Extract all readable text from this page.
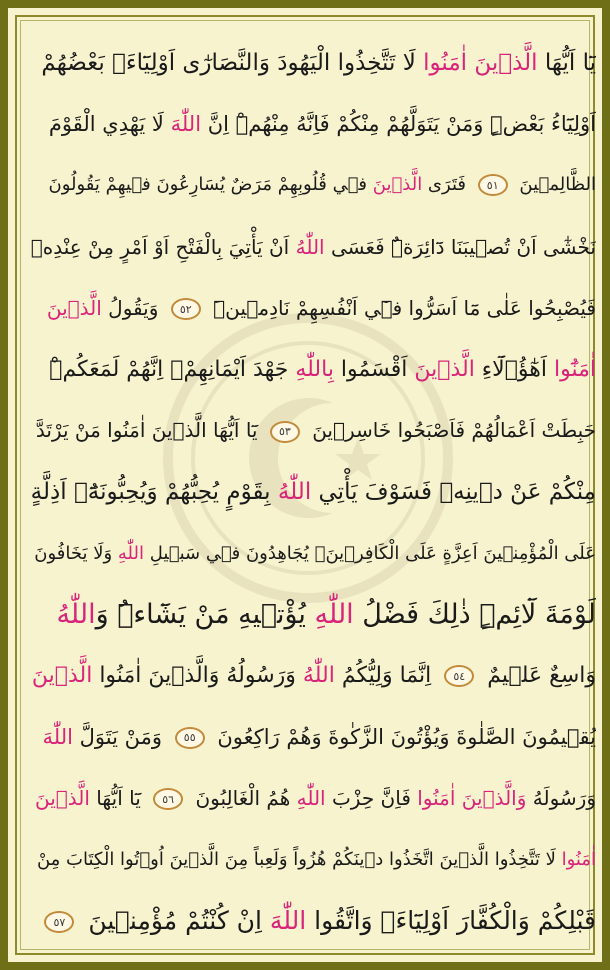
يَٓا اَيُّهَا الَّذ۪ينَ اٰمَنُوا لَا تَتَّخِذُوا الْيَهُودَ وَالنَّصَارٰٓى اَوْلِيَٓاءَۢ بَعْضُهُمْ
اَوْلِيَٓاءُ بَعْضٍۜ وَمَنْ يَتَوَلَّهُمْ مِنْكُمْ فَاِنَّهُ مِنْهُمْۜ اِنَّ اللّٰهَ لَا يَهْدِي الْقَوْمَ
الظَّالِم۪ينَ ٥١ فَتَرَى الَّذ۪ينَ ف۪ي قُلُوبِهِمْ مَرَضٌ يُسَارِعُونَ ف۪يهِمْ يَقُولُونَ
نَخْشٰٓى اَنْ تُص۪يبَنَا دَٓائِرَةٌۜ فَعَسَى اللّٰهُ اَنْ يَأْتِيَ بِالْفَتْحِ اَوْ اَمْرٍ مِنْ عِنْدِه۪
فَيُصْبِحُوا عَلٰى مَٓا اَسَرُّوا ف۪ٓي اَنْفُسِهِمْ نَادِم۪ينَۜ ٥٢ وَيَقُولُ الَّذ۪ينَ
اٰمَنُٓوا اَهٰٓؤُ۬لَٓاءِ الَّذ۪ينَ اَقْسَمُوا بِاللّٰهِ جَهْدَ اَيْمَانِهِمْۙ اِنَّهُمْ لَمَعَكُمْۜ
حَبِطَتْ اَعْمَالُهُمْ فَاَصْبَحُوا خَاسِر۪ينَ ٥٣ يَٓا اَيُّهَا الَّذ۪ينَ اٰمَنُوا مَنْ يَرْتَدَّ
مِنْكُمْ عَنْ د۪ينِه۪ فَسَوْفَ يَأْتِي اللّٰهُ بِقَوْمٍ يُحِبُّهُمْ وَيُحِبُّونَهُٓۙ اَذِلَّةٍ
عَلَى الْمُؤْمِن۪ينَ اَعِزَّةٍ عَلَى الْكَافِر۪ينَۘ يُجَاهِدُونَ ف۪ي سَب۪يلِ اللّٰهِ وَلَا يَخَافُونَ
لَوْمَةَ لَٓائِمٍۜ ذٰلِكَ فَضْلُ اللّٰهِ يُؤْت۪يهِ مَنْ يَشَٓاءُۜ وَاللّٰهُ
وَاسِعٌ عَل۪يمٌ ٥٤ اِنَّمَا وَلِيُّكُمُ اللّٰهُ وَرَسُولُهُ وَالَّذ۪ينَ اٰمَنُوا الَّذ۪ينَ
يُق۪يمُونَ الصَّلٰوةَ وَيُؤْتُونَ الزَّكٰوةَ وَهُمْ رَاكِعُونَ ٥٥ وَمَنْ يَتَوَلَّ اللّٰهَ
وَرَسُولَهُ وَالَّذ۪ينَ اٰمَنُوا فَاِنَّ حِزْبَ اللّٰهِ هُمُ الْغَالِبُونَ ٥٦ يَٓا اَيُّهَا الَّذ۪ينَ
اٰمَنُوا لَا تَتَّخِذُوا الَّذ۪ينَ اتَّخَذُوا د۪ينَكُمْ هُزُواً وَلَعِباً مِنَ الَّذ۪ينَ اُو۫تُوا الْكِتَابَ مِنْ
قَبْلِكُمْ وَالْكُفَّارَ اَوْلِيَٓاءَۚ وَاتَّقُوا اللّٰهَ اِنْ كُنْتُمْ مُؤْمِن۪ينَ ٥٧
